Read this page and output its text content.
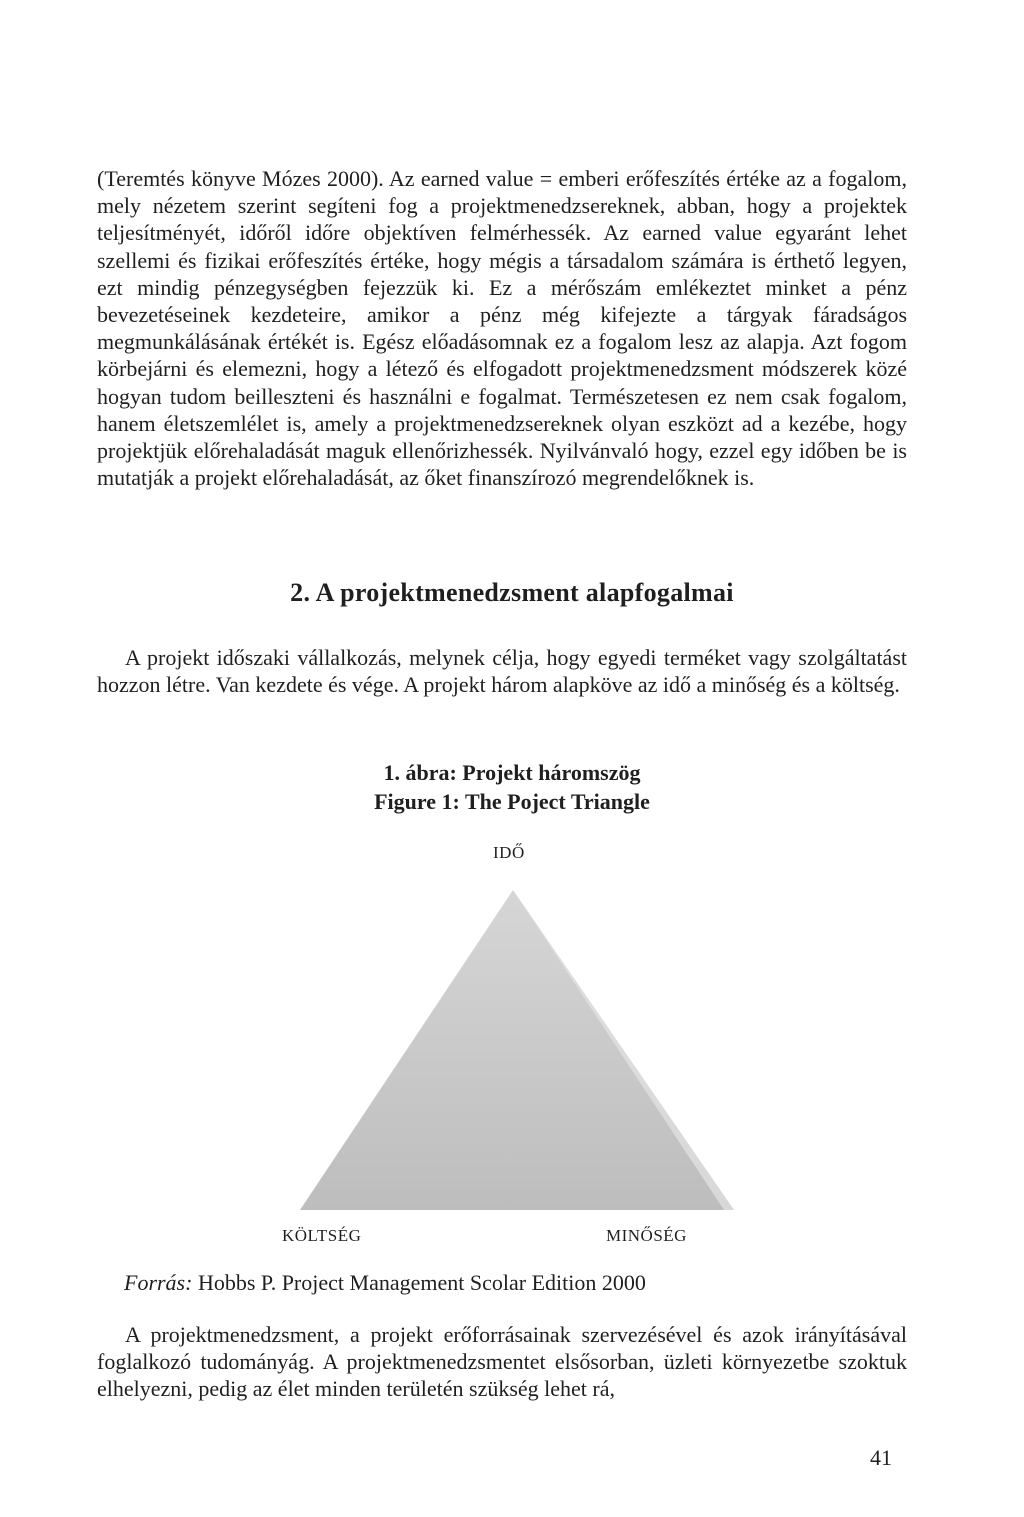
(Teremtés könyve Mózes 2000). Az earned value = emberi erőfeszítés értéke az a fogalom, mely nézetem szerint segíteni fog a projektmenedzsereknek, abban, hogy a projektek teljesítményét, időről időre objektíven felmérhessék. Az earned value egyaránt lehet szellemi és fizikai erőfeszítés értéke, hogy mégis a társadalom számára is érthető legyen, ezt mindig pénzegységben fejezzük ki. Ez a mérőszám emlékeztet minket a pénz bevezetéseinek kezdeteire, amikor a pénz még kifejezte a tárgyak fáradságos megmunkálásának értékét is. Egész előadásomnak ez a fogalom lesz az alapja. Azt fogom körbejárni és elemezni, hogy a létező és elfogadott projektmenedzsment módszerek közé hogyan tudom beilleszteni és használni e fogalmat. Természetesen ez nem csak fogalom, hanem életszemlélet is, amely a projektmenedzsereknek olyan eszközt ad a kezébe, hogy projektjük előrehaladását maguk ellenőrizhessék. Nyilvánvaló hogy, ezzel egy időben be is mutatják a projekt előrehaladását, az őket finanszírozó megrendelőknek is.

2. A projektmenedzsment alapfogalmai

A projekt időszaki vállalkozás, melynek célja, hogy egyedi terméket vagy szolgáltatást hozzon létre. Van kezdete és vége. A projekt három alapköve az idő a minőség és a költség.

1. ábra: Projekt háromszög

Figure 1: The Poject Triangle

IDŐ

KÖLTSÉG	MINŐSÉG

Forrás: Hobbs P. Project Management Scolar Edition 2000

A projektmenedzsment, a projekt erőforrásainak szervezésével és azok irányításával foglalkozó tudományág. A projektmenedzsmentet elsősorban, üzleti környezetbe szoktuk elhelyezni, pedig az élet minden területén szükség lehet rá,

41
